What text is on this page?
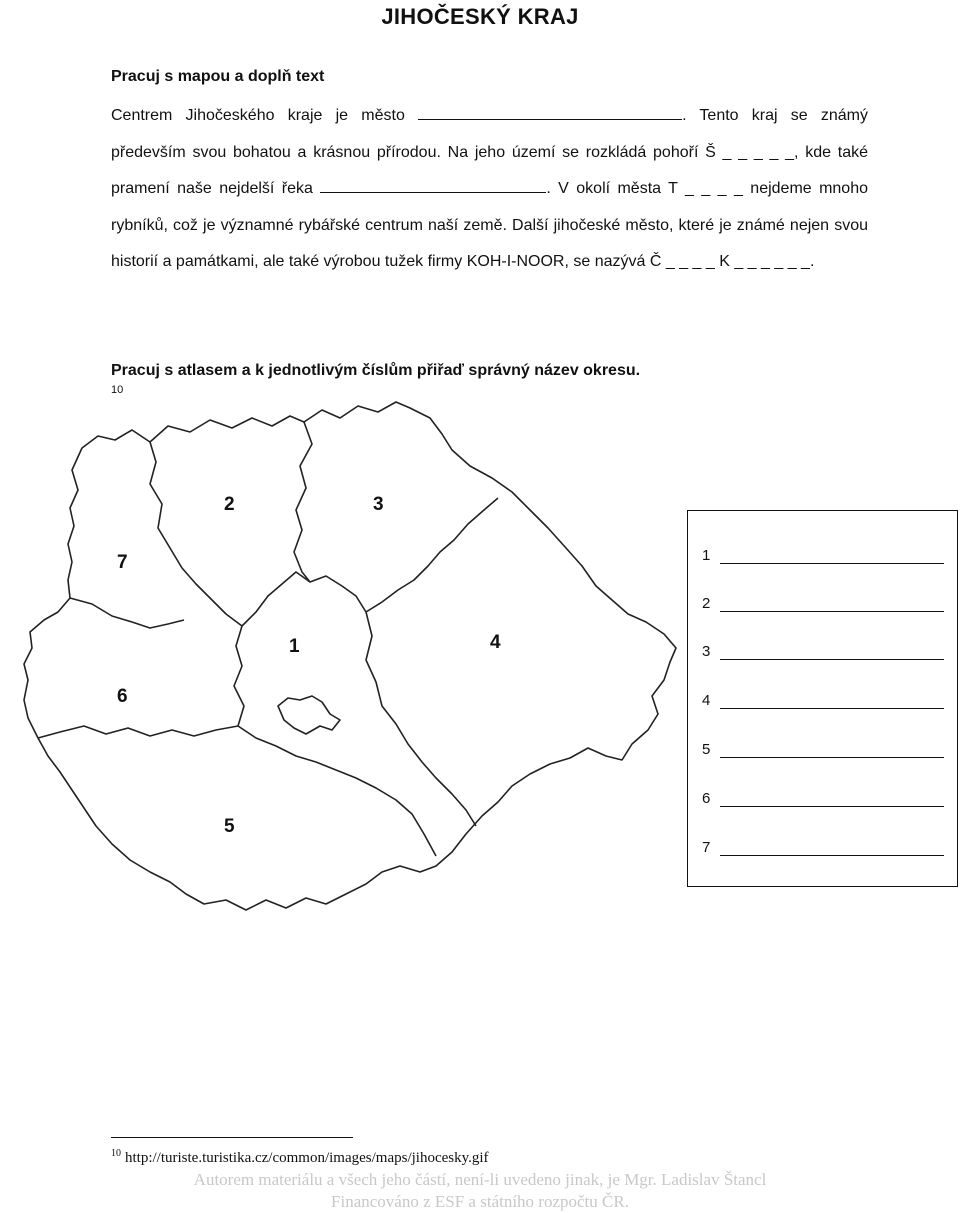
JIHOČESKÝ KRAJ
Pracuj s mapou a doplň text

Centrem Jihočeského kraje je město	. Tento kraj se známý především svou bohatou a krásnou přírodou. Na jeho území se rozkládá pohoří Š _ _ _ _ _, kde také pramení naše nejdelší řeka	. V okolí města T _ _ _ _ nejdeme mnoho rybníků, což je významné rybářské centrum naší země. Další jihočeské město, které je známé nejen svou historií a památkami, ale také výrobou tužek firmy KOH-I-NOOR, se nazývá Č _ _ _ _ K _ _ _ _ _ _.

Pracuj s atlasem a k jednotlivým číslům přiřaď správný název okresu.
10
2	3
7
1	4
6
5
1
2
3
4
5
6
7
$^{10}$ http://turiste.turistika.cz/common/images/maps/jihocesky.gif
Autorem materiálu a všech jeho částí, není-li uvedeno jinak, je Mgr. Ladislav Štancl
Financováno z ESF a státního rozpočtu ČR.
